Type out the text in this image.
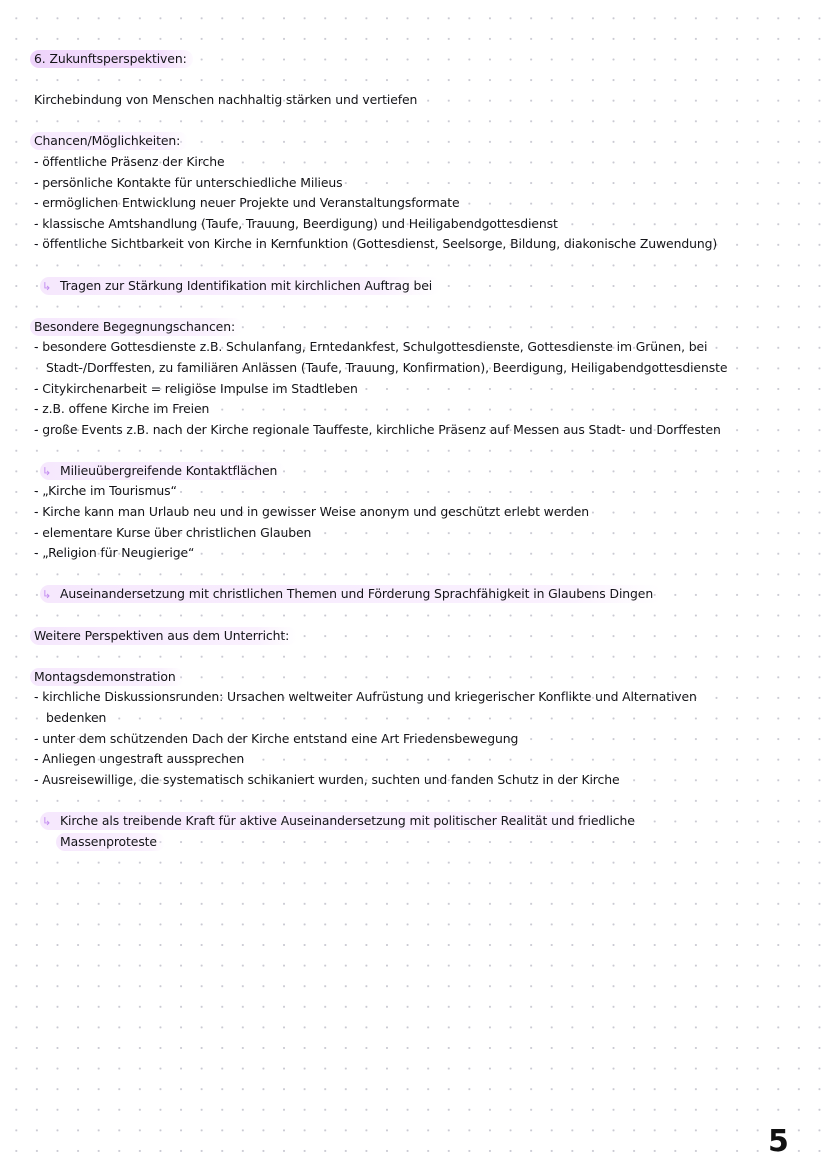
6. Zukunftsperspektiven:
Kirchebindung von Menschen nachhaltig stärken und vertiefen
Chancen/Möglichkeiten:
- öffentliche Präsenz der Kirche
- persönliche Kontakte für unterschiedliche Milieus
- ermöglichen Entwicklung neuer Projekte und Veranstaltungsformate
- klassische Amtshandlung (Taufe, Trauung, Beerdigung) und Heiligabendgottesdienst
- öffentliche Sichtbarkeit von Kirche in Kernfunktion (Gottesdienst, Seelsorge, Bildung, diakonische Zuwendung)
↳ Tragen zur Stärkung Identifikation mit kirchlichen Auftrag bei
Besondere Begegnungschancen:
- besondere Gottesdienste z.B. Schulanfang, Erntedankfest, Schulgottesdienste, Gottesdienste im Grünen, bei
Stadt-/Dorffesten, zu familiären Anlässen (Taufe, Trauung, Konfirmation), Beerdigung, Heiligabendgottesdienste
- Citykirchenarbeit = religiöse Impulse im Stadtleben
- z.B. offene Kirche im Freien
- große Events z.B. nach der Kirche regionale Tauffeste, kirchliche Präsenz auf Messen aus Stadt- und Dorffesten
↳ Milieuübergreifende Kontaktflächen
- „Kirche im Tourismus“
- Kirche kann man Urlaub neu und in gewisser Weise anonym und geschützt erlebt werden
- elementare Kurse über christlichen Glauben
- „Religion für Neugierige“
↳ Auseinandersetzung mit christlichen Themen und Förderung Sprachfähigkeit in Glaubens Dingen
Weitere Perspektiven aus dem Unterricht:
Montagsdemonstration
- kirchliche Diskussionsrunden: Ursachen weltweiter Aufrüstung und kriegerischer Konflikte und Alternativen
bedenken
- unter dem schützenden Dach der Kirche entstand eine Art Friedensbewegung
- Anliegen ungestraft aussprechen
- Ausreisewillige, die systematisch schikaniert wurden, suchten und fanden Schutz in der Kirche
↳ Kirche als treibende Kraft für aktive Auseinandersetzung mit politischer Realität und friedliche
Massenproteste
5
